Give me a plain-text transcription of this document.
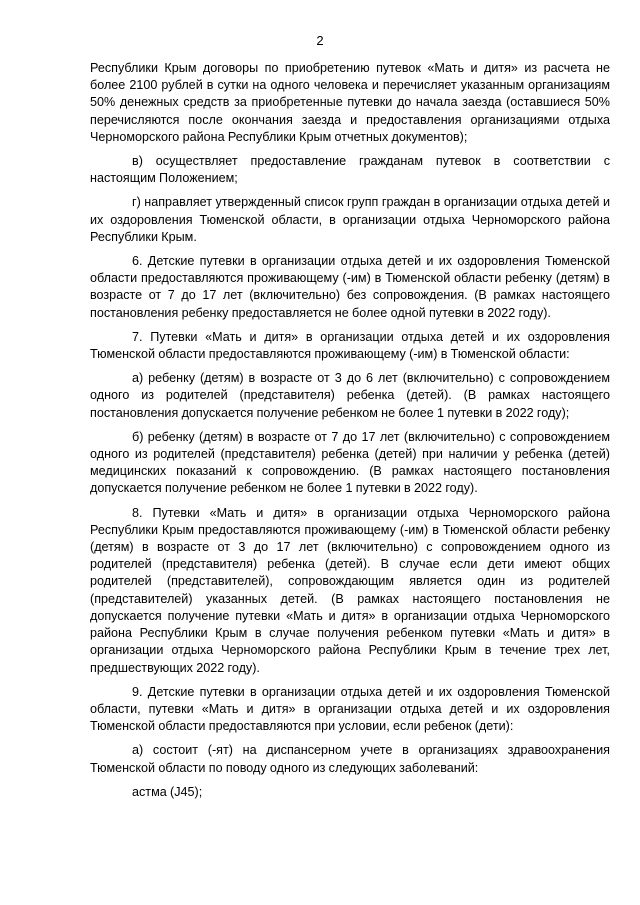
2

Республики Крым договоры по приобретению путевок «Мать и дитя» из расчета не более 2100 рублей в сутки на одного человека и перечисляет указанным организациям 50% денежных средств за приобретенные путевки до начала заезда (оставшиеся 50% перечисляются после окончания заезда и предоставления организациями отдыха Черноморского района Республики Крым отчетных документов);

в) осуществляет предоставление гражданам путевок в соответствии с настоящим Положением;

г) направляет утвержденный список групп граждан в организации отдыха детей и их оздоровления Тюменской области, в организации отдыха Черноморского района Республики Крым.

6. Детские путевки в организации отдыха детей и их оздоровления Тюменской области предоставляются проживающему (-им) в Тюменской области ребенку (детям) в возрасте от 7 до 17 лет (включительно) без сопровождения. (В рамках настоящего постановления ребенку предоставляется не более одной путевки в 2022 году).

7. Путевки «Мать и дитя» в организации отдыха детей и их оздоровления Тюменской области предоставляются проживающему (-им) в Тюменской области:

а) ребенку (детям) в возрасте от 3 до 6 лет (включительно) с сопровождением одного из родителей (представителя) ребенка (детей). (В рамках настоящего постановления допускается получение ребенком не более 1 путевки в 2022 году);

б) ребенку (детям) в возрасте от 7 до 17 лет (включительно) с сопровождением одного из родителей (представителя) ребенка (детей) при наличии у ребенка (детей) медицинских показаний к сопровождению. (В рамках настоящего постановления допускается получение ребенком не более 1 путевки в 2022 году).

8. Путевки «Мать и дитя» в организации отдыха Черноморского района Республики Крым предоставляются проживающему (-им) в Тюменской области ребенку (детям) в возрасте от 3 до 17 лет (включительно) с сопровождением одного из родителей (представителя) ребенка (детей). В случае если дети имеют общих родителей (представителей), сопровождающим является один из родителей (представителей) указанных детей. (В рамках настоящего постановления не допускается получение путевки «Мать и дитя» в организации отдыха Черноморского района Республики Крым в случае получения ребенком путевки «Мать и дитя» в организации отдыха Черноморского района Республики Крым в течение трех лет, предшествующих 2022 году).

9. Детские путевки в организации отдыха детей и их оздоровления Тюменской области, путевки «Мать и дитя» в организации отдыха детей и их оздоровления Тюменской области предоставляются при условии, если ребенок (дети):

а) состоит (-ят) на диспансерном учете в организациях здравоохранения Тюменской области по поводу одного из следующих заболеваний:

астма (J45);
